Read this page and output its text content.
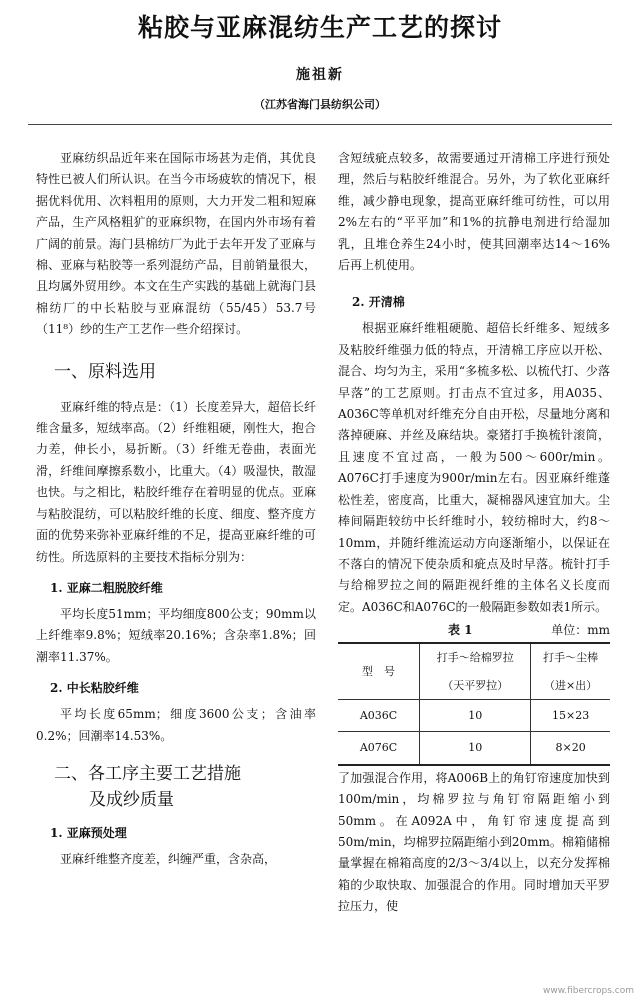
粘胶与亚麻混纺生产工艺的探讨
施祖新
（江苏省海门县纺织公司）

亚麻纺织品近年来在国际市场甚为走俏，其优良特性已被人们所认识。在当今市场疲软的情况下，根据优料优用、次料粗用的原则，大力开发二粗和短麻产品，生产风格粗犷的亚麻织物，在国内外市场有着广阔的前景。海门县棉纺厂为此于去年开发了亚麻与棉、亚麻与粘胶等一系列混纺产品，目前销量很大，且均属外贸用纱。本文在生产实践的基础上就海门县棉纺厂的中长粘胶与亚麻混纺（55/45）53.7号（11⁸）纱的生产工艺作一些介绍探讨。

一、原料选用

亚麻纤维的特点是：（1）长度差异大，超倍长纤维含量多，短绒率高。（2）纤维粗硬，刚性大，抱合力差，伸长小，易折断。（3）纤维无卷曲，表面光滑，纤维间摩擦系数小，比重大。（4）吸湿快，散湿也快。与之相比，粘胶纤维存在着明显的优点。亚麻与粘胶混纺，可以粘胶纤维的长度、细度、整齐度方面的优势来弥补亚麻纤维的不足，提高亚麻纤维的可纺性。所选原料的主要技术指标分别为：

1. 亚麻二粗脱胶纤维

平均长度51mm；平均细度800公支；90mm以上纤维率9.8%；短绒率20.16%；含杂率1.8%；回潮率11.37%。

2. 中长粘胶纤维

平均长度65mm；细度3600公支；含油率0.2%；回潮率14.53%。

二、各工序主要工艺措施
及成纱质量
1. 亚麻预处理

亚麻纤维整齐度差，纠缠严重，含杂高，

含短绒疵点较多，故需要通过开清棉工序进行预处理，然后与粘胶纤维混合。另外，为了软化亚麻纤维，减少静电现象，提高亚麻纤维可纺性，可以用2%左右的“平平加”和1%的抗静电剂进行给湿加乳，且堆仓养生24小时，使其回潮率达14～16%后再上机使用。

2. 开清棉

根据亚麻纤维粗硬脆、超倍长纤维多、短绒多及粘胶纤维强力低的特点，开清棉工序应以开松、混合、均匀为主，采用“多梳多松、以梳代打、少落早落”的工艺原则。打击点不宜过多，用A035、A036C等单机对纤维充分自由开松，尽量地分离和落掉硬麻、并丝及麻结块。豪猪打手换梳针滚筒，且速度不宜过高，一般为500～600r/min。A076C打手速度为900r/min左右。因亚麻纤维蓬松性差，密度高，比重大，凝棉器风速宜加大。尘棒间隔距较纺中长纤维时小，较纺棉时大，约8～10mm，并随纤维流运动方向逐渐缩小，以保证在不落白的情况下使杂质和疵点及时早落。梳针打手与给棉罗拉之间的隔距视纤维的主体名义长度而定。A036C和A076C的一般隔距参数如表1所示。

表 1	单位：mm
型　号	打手～给棉罗拉	打手～尘棒
	（天平罗拉）	（进×出）
A036C	10	15×23
A076C	10	8×20

了加强混合作用，将A006B上的角钉帘速度加快到100m/min，均棉罗拉与角钉帘隔距缩小到50mm。在A092A中，角钉帘速度提高到50m/min，均棉罗拉隔距缩小到20mm。棉箱储棉量掌握在棉箱高度的2/3～3/4以上，以充分发挥棉箱的少取快取、加强混合的作用。同时增加天平罗拉压力，使

www.fibercrops.com
